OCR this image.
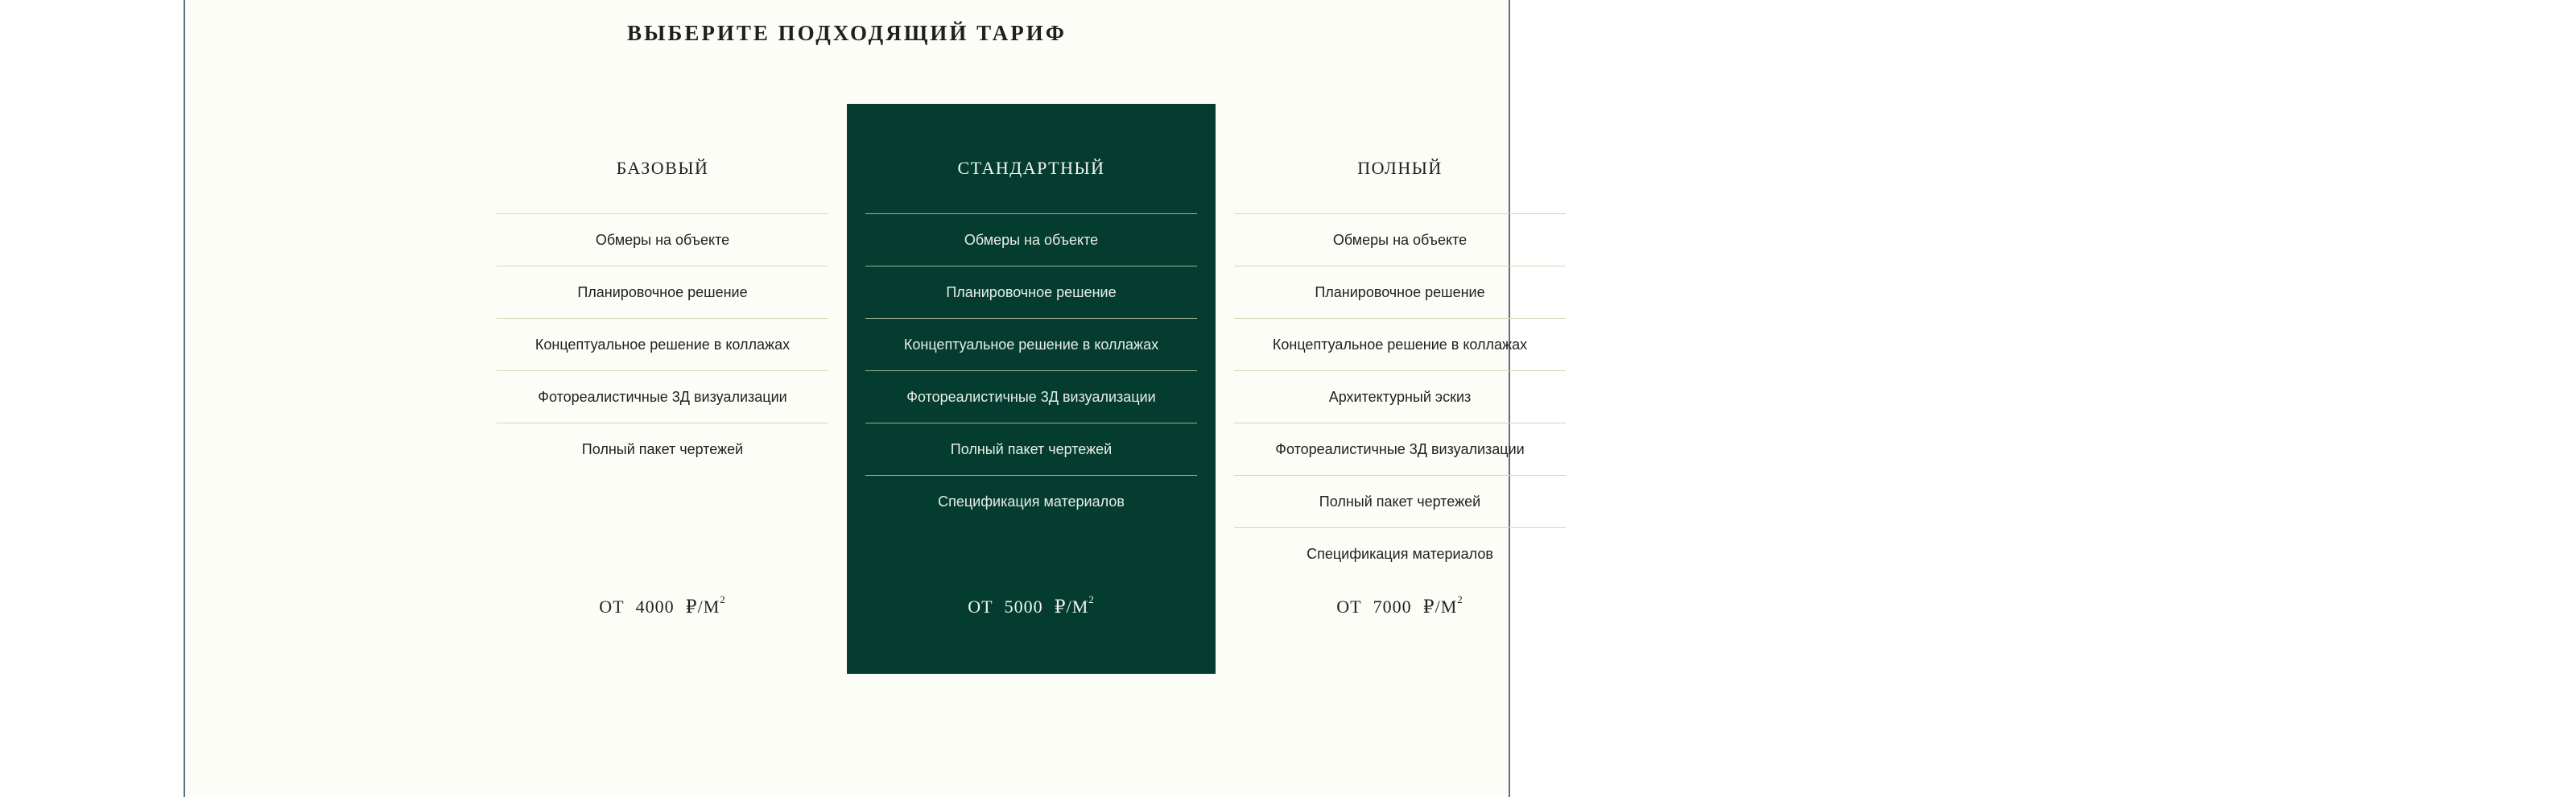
ВЫБЕРИТЕ ПОДХОДЯЩИЙ ТАРИФ
БАЗОВЫЙ
Обмеры на объекте
Планировочное решение
Концептуальное решение в коллажах
Фотореалистичные 3Д визуализации
Полный пакет чертежей
ОТ 4000 $₽/М^2$
СТАНДАРТНЫЙ
Обмеры на объекте
Планировочное решение
Концептуальное решение в коллажах
Фотореалистичные 3Д визуализации
Полный пакет чертежей
Спецификация материалов
ОТ 5000 $₽/М^2$
ПОЛНЫЙ
Обмеры на объекте
Планировочное решение
Концептуальное решение в коллажах
Архитектурный эскиз
Фотореалистичные 3Д визуализации
Полный пакет чертежей
Спецификация материалов
ОТ 7000 $₽/М^2$
